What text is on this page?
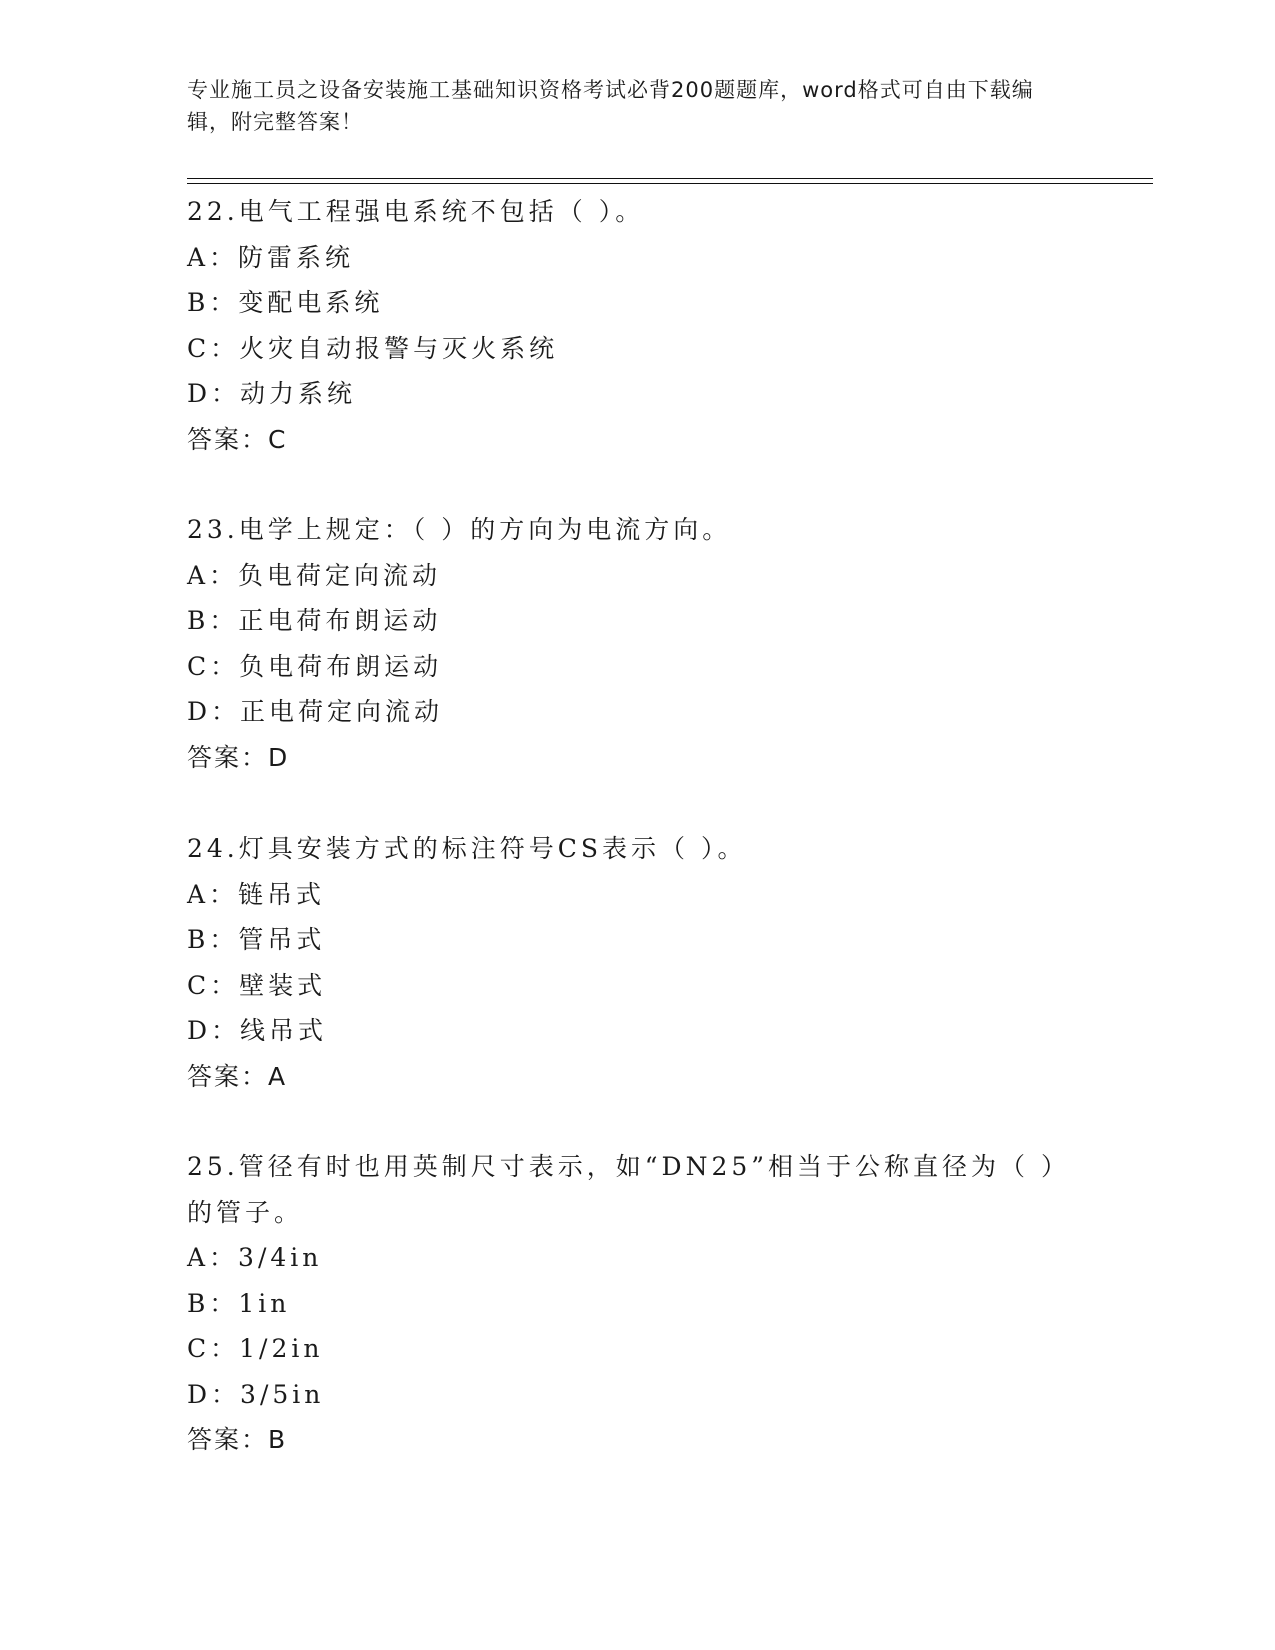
专业施工员之设备安装施工基础知识资格考试必背200题题库，word格式可自由下载编辑，附完整答案！
22.电气工程强电系统不包括（ ）。
A：防雷系统
B：变配电系统
C：火灾自动报警与灭火系统
D：动力系统
答案：C
23.电学上规定：（ ）的方向为电流方向。
A：负电荷定向流动
B：正电荷布朗运动
C：负电荷布朗运动
D：正电荷定向流动
答案：D
24.灯具安装方式的标注符号CS表示（ ）。
A：链吊式
B：管吊式
C：壁装式
D：线吊式
答案：A
25.管径有时也用英制尺寸表示，如“DN25”相当于公称直径为（ ）的管子。
A：3/4in
B：1in
C：1/2in
D：3/5in
答案：B
